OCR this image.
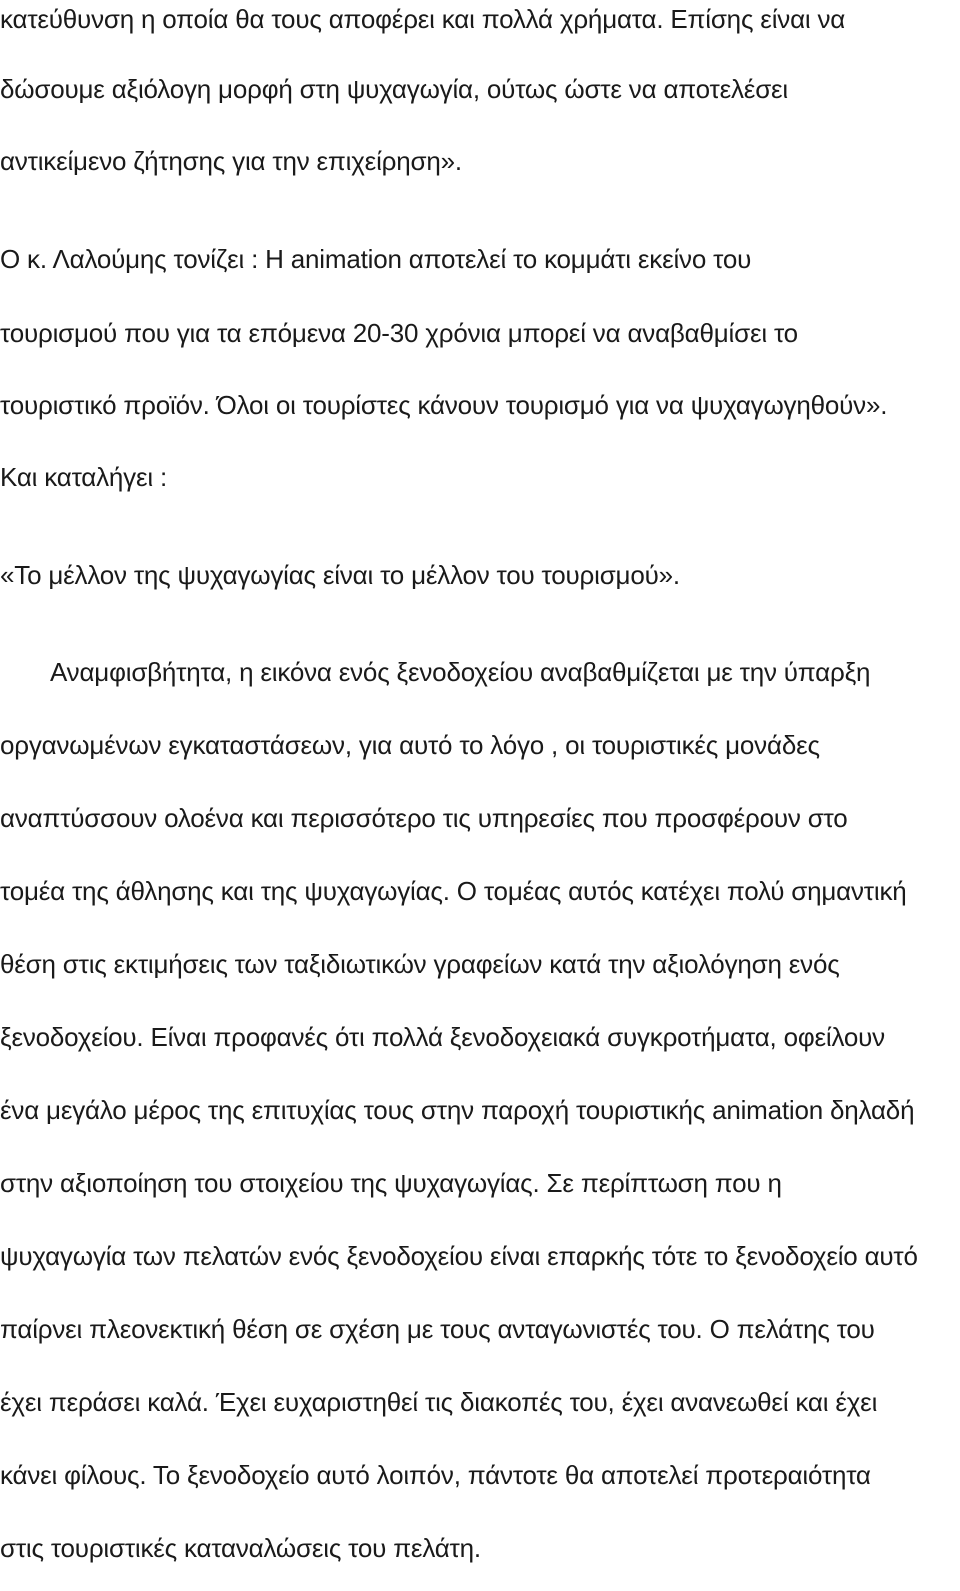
κατεύθυνση η οποία θα τους αποφέρει και πολλά χρήματα. Επίσης είναι να

δώσουμε αξιόλογη μορφή στη ψυχαγωγία, ούτως ώστε να αποτελέσει

αντικείμενο ζήτησης για την επιχείρηση».

Ο κ. Λαλούμης τονίζει : Η animation αποτελεί το κομμάτι εκείνο του

τουρισμού που για τα επόμενα 20-30 χρόνια μπορεί να αναβαθμίσει το

τουριστικό προϊόν. Όλοι οι τουρίστες κάνουν τουρισμό για να ψυχαγωγηθούν».

Και καταλήγει :

«Το μέλλον της ψυχαγωγίας είναι το μέλλον του τουρισμού».

Αναμφισβήτητα, η εικόνα ενός ξενοδοχείου αναβαθμίζεται με την ύπαρξη

οργανωμένων εγκαταστάσεων, για αυτό το λόγο , οι τουριστικές μονάδες

αναπτύσσουν ολοένα και περισσότερο τις υπηρεσίες που προσφέρουν στο

τομέα της άθλησης και της ψυχαγωγίας. Ο τομέας αυτός κατέχει πολύ σημαντική

θέση στις εκτιμήσεις των ταξιδιωτικών γραφείων κατά την αξιολόγηση ενός

ξενοδοχείου. Είναι προφανές ότι πολλά ξενοδοχειακά συγκροτήματα, οφείλουν

ένα μεγάλο μέρος της επιτυχίας τους στην παροχή τουριστικής animation δηλαδή

στην αξιοποίηση του στοιχείου της ψυχαγωγίας. Σε περίπτωση που η

ψυχαγωγία των πελατών ενός ξενοδοχείου είναι επαρκής τότε το ξενοδοχείο αυτό

παίρνει πλεονεκτική θέση σε σχέση με τους ανταγωνιστές του. Ο πελάτης του

έχει περάσει καλά. Έχει ευχαριστηθεί τις διακοπές του, έχει ανανεωθεί και έχει

κάνει φίλους. Το ξενοδοχείο αυτό λοιπόν, πάντοτε θα αποτελεί προτεραιότητα

στις τουριστικές καταναλώσεις του πελάτη.
